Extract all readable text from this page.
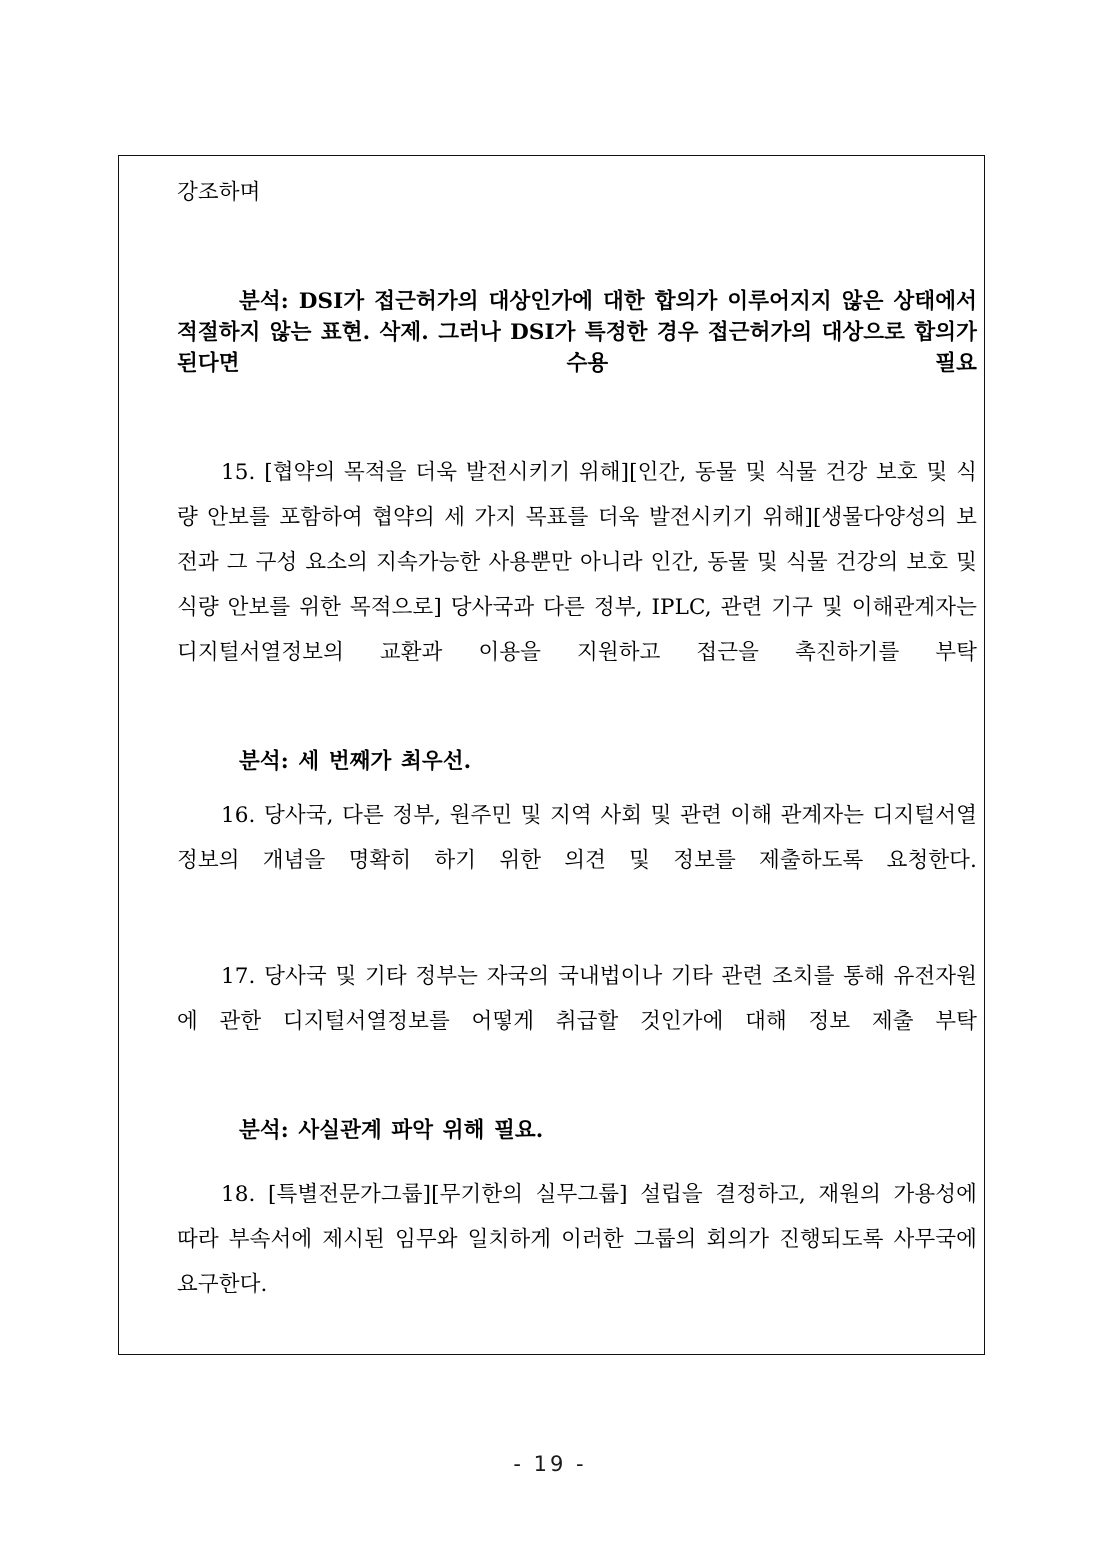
강조하며

분석: DSI가 접근허가의 대상인가에 대한 합의가 이루어지지 않은 상태에서 적절하지 않는 표현. 삭제. 그러나 DSI가 특정한 경우 접근허가의 대상으로 합의가 된다면 수용 필요

15. [협약의 목적을 더욱 발전시키기 위해][인간, 동물 및 식물 건강 보호 및 식량 안보를 포함하여 협약의 세 가지 목표를 더욱 발전시키기 위해][생물다양성의 보전과 그 구성 요소의 지속가능한 사용뿐만 아니라 인간, 동물 및 식물 건강의 보호 및 식량 안보를 위한 목적으로] 당사국과 다른 정부, IPLC, 관련 기구 및 이해관계자는 디지털서열정보의 교환과 이용을 지원하고 접근을 촉진하기를 부탁

분석: 세 번째가 최우선.

16. 당사국, 다른 정부, 원주민 및 지역 사회 및 관련 이해 관계자는 디지털서열정보의 개념을 명확히 하기 위한 의견 및 정보를 제출하도록 요청한다.

17. 당사국 및 기타 정부는 자국의 국내법이나 기타 관련 조치를 통해 유전자원에 관한 디지털서열정보를 어떻게 취급할 것인가에 대해 정보 제출 부탁

분석: 사실관계 파악 위해 필요.

18. [특별전문가그룹][무기한의 실무그룹] 설립을 결정하고, 재원의 가용성에 따라 부속서에 제시된 임무와 일치하게 이러한 그룹의 회의가 진행되도록 사무국에 요구한다.

- 19 -
